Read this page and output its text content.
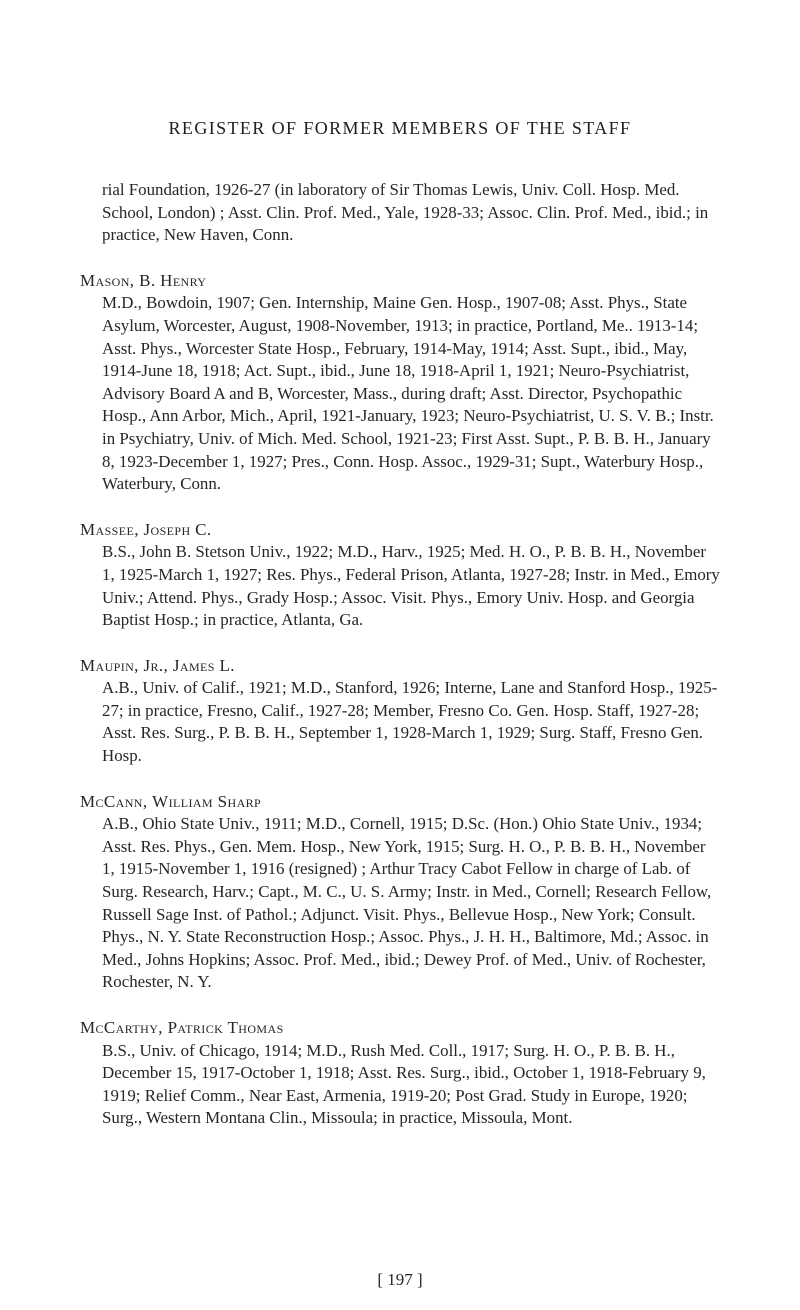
REGISTER OF FORMER MEMBERS OF THE STAFF

rial Foundation, 1926-27 (in laboratory of Sir Thomas Lewis, Univ. Coll. Hosp. Med. School, London) ; Asst. Clin. Prof. Med., Yale, 1928-33; Assoc. Clin. Prof. Med., ibid.; in practice, New Haven, Conn.

Mason, B. Henry

M.D., Bowdoin, 1907; Gen. Internship, Maine Gen. Hosp., 1907-08; Asst. Phys., State Asylum, Worcester, August, 1908-November, 1913; in practice, Portland, Me.. 1913-14; Asst. Phys., Worcester State Hosp., February, 1914-May, 1914; Asst. Supt., ibid., May, 1914-June 18, 1918; Act. Supt., ibid., June 18, 1918-April 1, 1921; Neuro-Psychiatrist, Advisory Board A and B, Worcester, Mass., during draft; Asst. Director, Psychopathic Hosp., Ann Arbor, Mich., April, 1921-January, 1923; Neuro-Psychiatrist, U. S. V. B.; Instr. in Psychiatry, Univ. of Mich. Med. School, 1921-23; First Asst. Supt., P. B. B. H., January 8, 1923-December 1, 1927; Pres., Conn. Hosp. Assoc., 1929-31; Supt., Waterbury Hosp., Waterbury, Conn.

Massee, Joseph C.

B.S., John B. Stetson Univ., 1922; M.D., Harv., 1925; Med. H. O., P. B. B. H., November 1, 1925-March 1, 1927; Res. Phys., Federal Prison, Atlanta, 1927-28; Instr. in Med., Emory Univ.; Attend. Phys., Grady Hosp.; Assoc. Visit. Phys., Emory Univ. Hosp. and Georgia Baptist Hosp.; in practice, Atlanta, Ga.

Maupin, Jr., James L.

A.B., Univ. of Calif., 1921; M.D., Stanford, 1926; Interne, Lane and Stanford Hosp., 1925-27; in practice, Fresno, Calif., 1927-28; Member, Fresno Co. Gen. Hosp. Staff, 1927-28; Asst. Res. Surg., P. B. B. H., September 1, 1928-March 1, 1929; Surg. Staff, Fresno Gen. Hosp.

McCann, William Sharp

A.B., Ohio State Univ., 1911; M.D., Cornell, 1915; D.Sc. (Hon.) Ohio State Univ., 1934; Asst. Res. Phys., Gen. Mem. Hosp., New York, 1915; Surg. H. O., P. B. B. H., November 1, 1915-November 1, 1916 (resigned) ; Arthur Tracy Cabot Fellow in charge of Lab. of Surg. Research, Harv.; Capt., M. C., U. S. Army; Instr. in Med., Cornell; Research Fellow, Russell Sage Inst. of Pathol.; Adjunct. Visit. Phys., Bellevue Hosp., New York; Consult. Phys., N. Y. State Reconstruction Hosp.; Assoc. Phys., J. H. H., Baltimore, Md.; Assoc. in Med., Johns Hopkins; Assoc. Prof. Med., ibid.; Dewey Prof. of Med., Univ. of Rochester, Rochester, N. Y.

McCarthy, Patrick Thomas

B.S., Univ. of Chicago, 1914; M.D., Rush Med. Coll., 1917; Surg. H. O., P. B. B. H., December 15, 1917-October 1, 1918; Asst. Res. Surg., ibid., October 1, 1918-February 9, 1919; Relief Comm., Near East, Armenia, 1919-20; Post Grad. Study in Europe, 1920; Surg., Western Montana Clin., Missoula; in practice, Missoula, Mont.

[ 197 ]
